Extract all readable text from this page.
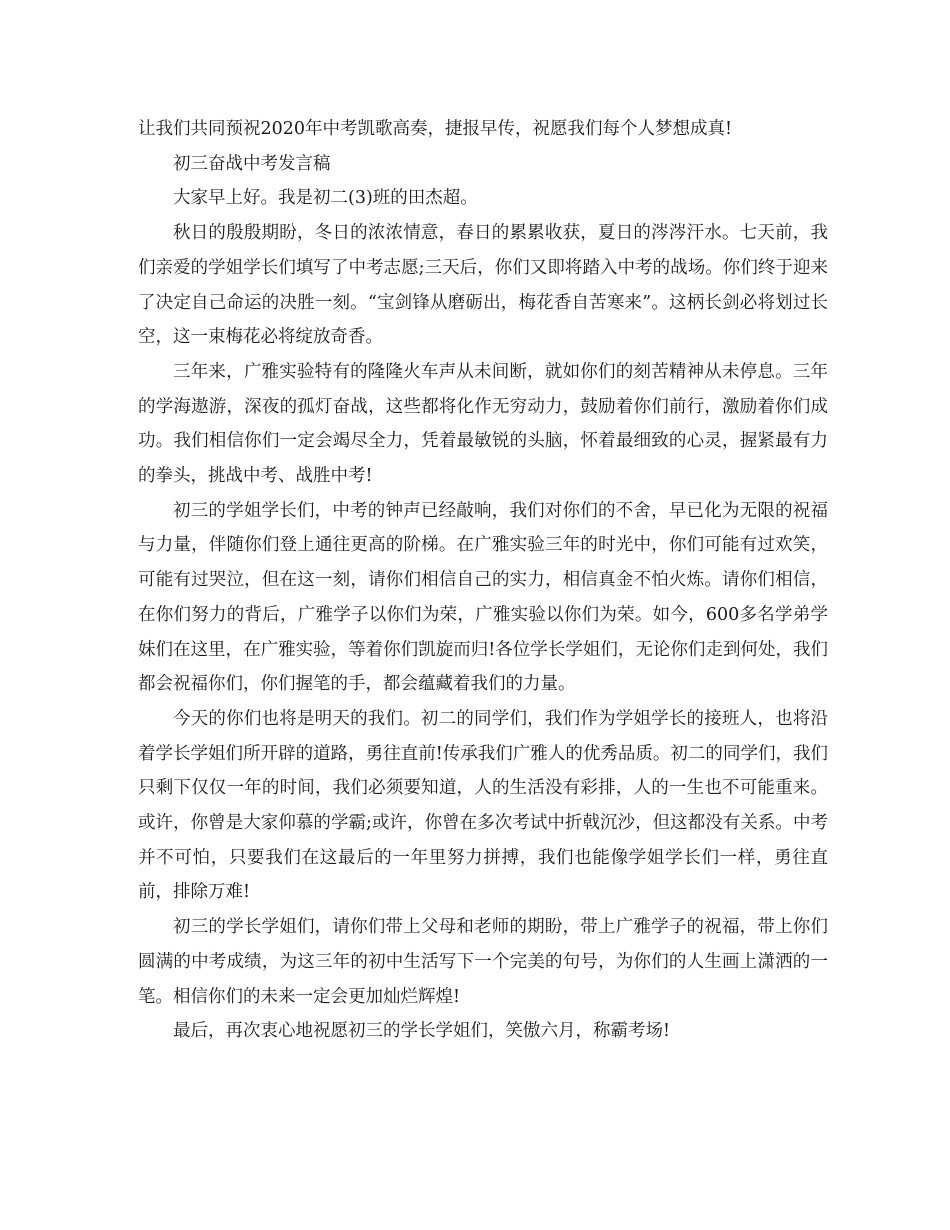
让我们共同预祝2020年中考凯歌高奏，捷报早传，祝愿我们每个人梦想成真!

初三奋战中考发言稿

大家早上好。我是初二(3)班的田杰超。

秋日的殷殷期盼，冬日的浓浓情意，春日的累累收获，夏日的涔涔汗水。七天前，我们亲爱的学姐学长们填写了中考志愿;三天后，你们又即将踏入中考的战场。你们终于迎来了决定自己命运的决胜一刻。“宝剑锋从磨砺出，梅花香自苦寒来”。这柄长剑必将划过长空，这一束梅花必将绽放奇香。

三年来，广雅实验特有的隆隆火车声从未间断，就如你们的刻苦精神从未停息。三年的学海遨游，深夜的孤灯奋战，这些都将化作无穷动力，鼓励着你们前行，激励着你们成功。我们相信你们一定会竭尽全力，凭着最敏锐的头脑，怀着最细致的心灵，握紧最有力的拳头，挑战中考、战胜中考!

初三的学姐学长们，中考的钟声已经敲响，我们对你们的不舍，早已化为无限的祝福与力量，伴随你们登上通往更高的阶梯。在广雅实验三年的时光中，你们可能有过欢笑，可能有过哭泣，但在这一刻，请你们相信自己的实力，相信真金不怕火炼。请你们相信，在你们努力的背后，广雅学子以你们为荣，广雅实验以你们为荣。如今，600多名学弟学妹们在这里，在广雅实验，等着你们凯旋而归!各位学长学姐们，无论你们走到何处，我们都会祝福你们，你们握笔的手，都会蕴藏着我们的力量。

今天的你们也将是明天的我们。初二的同学们，我们作为学姐学长的接班人，也将沿着学长学姐们所开辟的道路，勇往直前!传承我们广雅人的优秀品质。初二的同学们，我们只剩下仅仅一年的时间，我们必须要知道，人的生活没有彩排，人的一生也不可能重来。或许，你曾是大家仰慕的学霸;或许，你曾在多次考试中折戟沉沙，但这都没有关系。中考并不可怕，只要我们在这最后的一年里努力拼搏，我们也能像学姐学长们一样，勇往直前，排除万难!

初三的学长学姐们，请你们带上父母和老师的期盼，带上广雅学子的祝福，带上你们圆满的中考成绩，为这三年的初中生活写下一个完美的句号，为你们的人生画上潇洒的一笔。相信你们的未来一定会更加灿烂辉煌!

最后，再次衷心地祝愿初三的学长学姐们，笑傲六月，称霸考场!
